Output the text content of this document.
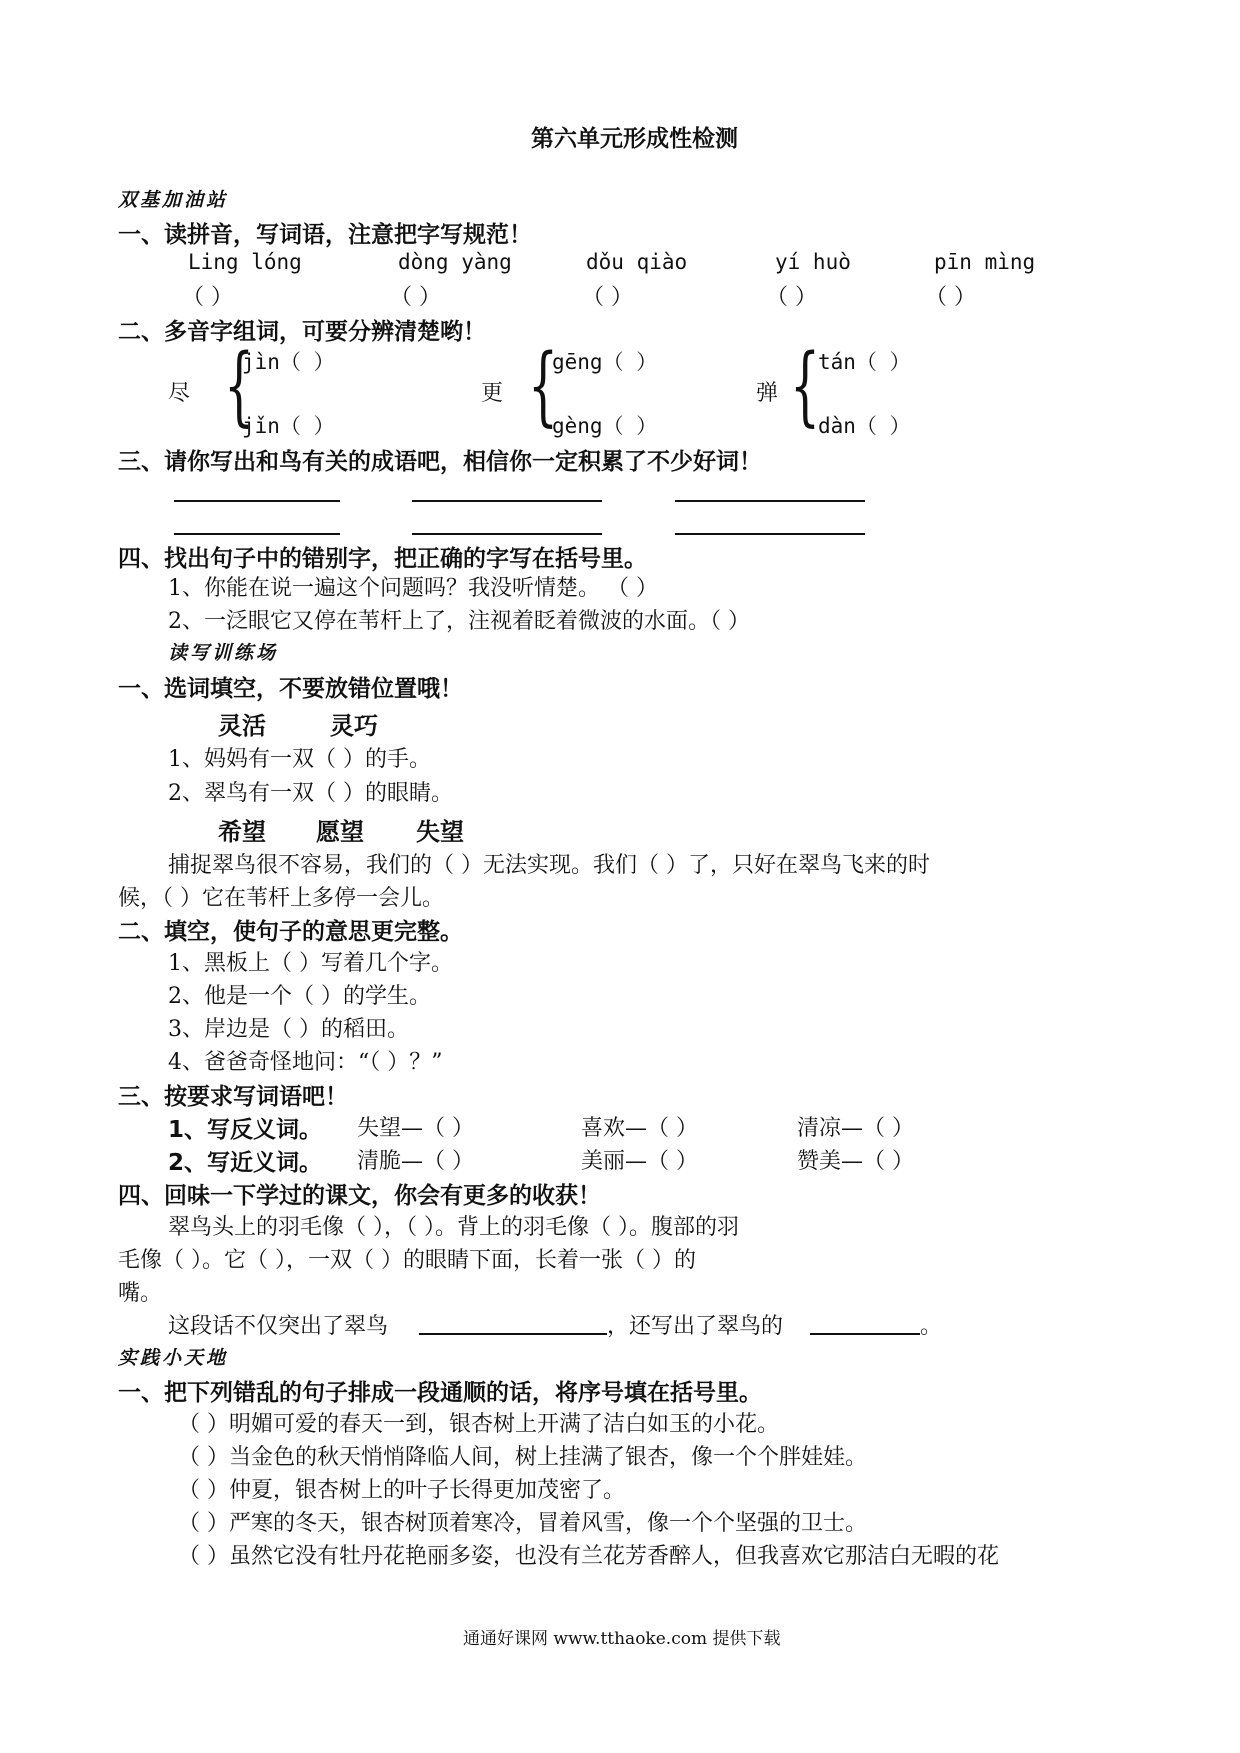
第六单元形成性检测
双基加油站
一、读拼音，写词语，注意把字写规范！
Ling lóng	dòng yàng	dǒu qiào	yí huò	pīn mìng
（ ）	（ ）	（ ）	（ ）	（ ）
二、多音字组词，可要分辨清楚哟！
尽 {
jìn（ ）
jǐn（ ）
更 {
gēng（ ）
gèng（ ）
弹 {
tán（ ）
dàn（ ）
三、请你写出和鸟有关的成语吧，相信你一定积累了不少好词！
四、找出句子中的错别字，把正确的字写在括号里。
1、你能在说一遍这个问题吗？我没听情楚。 （ ）
2、一泛眼它又停在苇杆上了，注视着眨着微波的水面。（ ）
读写训练场
一、选词填空，不要放错位置哦！
灵活	灵巧
1、妈妈有一双（ ）的手。
2、翠鸟有一双（ ）的眼睛。
希望 愿望 失望
捕捉翠鸟很不容易，我们的（ ）无法实现。我们（ ）了，只好在翠鸟飞来的时
候，（ ）它在苇杆上多停一会儿。
二、填空，使句子的意思更完整。
1、黑板上（ ）写着几个字。
2、他是一个（ ）的学生。
3、岸边是（ ）的稻田。
4、爸爸奇怪地问：“（ ）？”
三、按要求写词语吧！
1、写反义词。 失望—（ ）	喜欢—（ ）	清凉—（ ）
2、写近义词。 清脆—（ ）	美丽—（ ）	赞美—（ ）
四、回味一下学过的课文，你会有更多的收获！
翠鸟头上的羽毛像（ ），（ ）。背上的羽毛像（ ）。腹部的羽
毛像（ ）。它（ ），一双（ ）的眼睛下面，长着一张（ ）的
嘴。
这段话不仅突出了翠鸟	，还写出了翠鸟的	。
实践小天地
一、把下列错乱的句子排成一段通顺的话，将序号填在括号里。
（ ）明媚可爱的春天一到，银杏树上开满了洁白如玉的小花。
（ ）当金色的秋天悄悄降临人间，树上挂满了银杏，像一个个胖娃娃。
（ ）仲夏，银杏树上的叶子长得更加茂密了。
（ ）严寒的冬天，银杏树顶着寒冷，冒着风雪，像一个个坚强的卫士。
（ ）虽然它没有牡丹花艳丽多姿，也没有兰花芳香醉人，但我喜欢它那洁白无暇的花
通通好课网 www.tthaoke.com 提供下载
